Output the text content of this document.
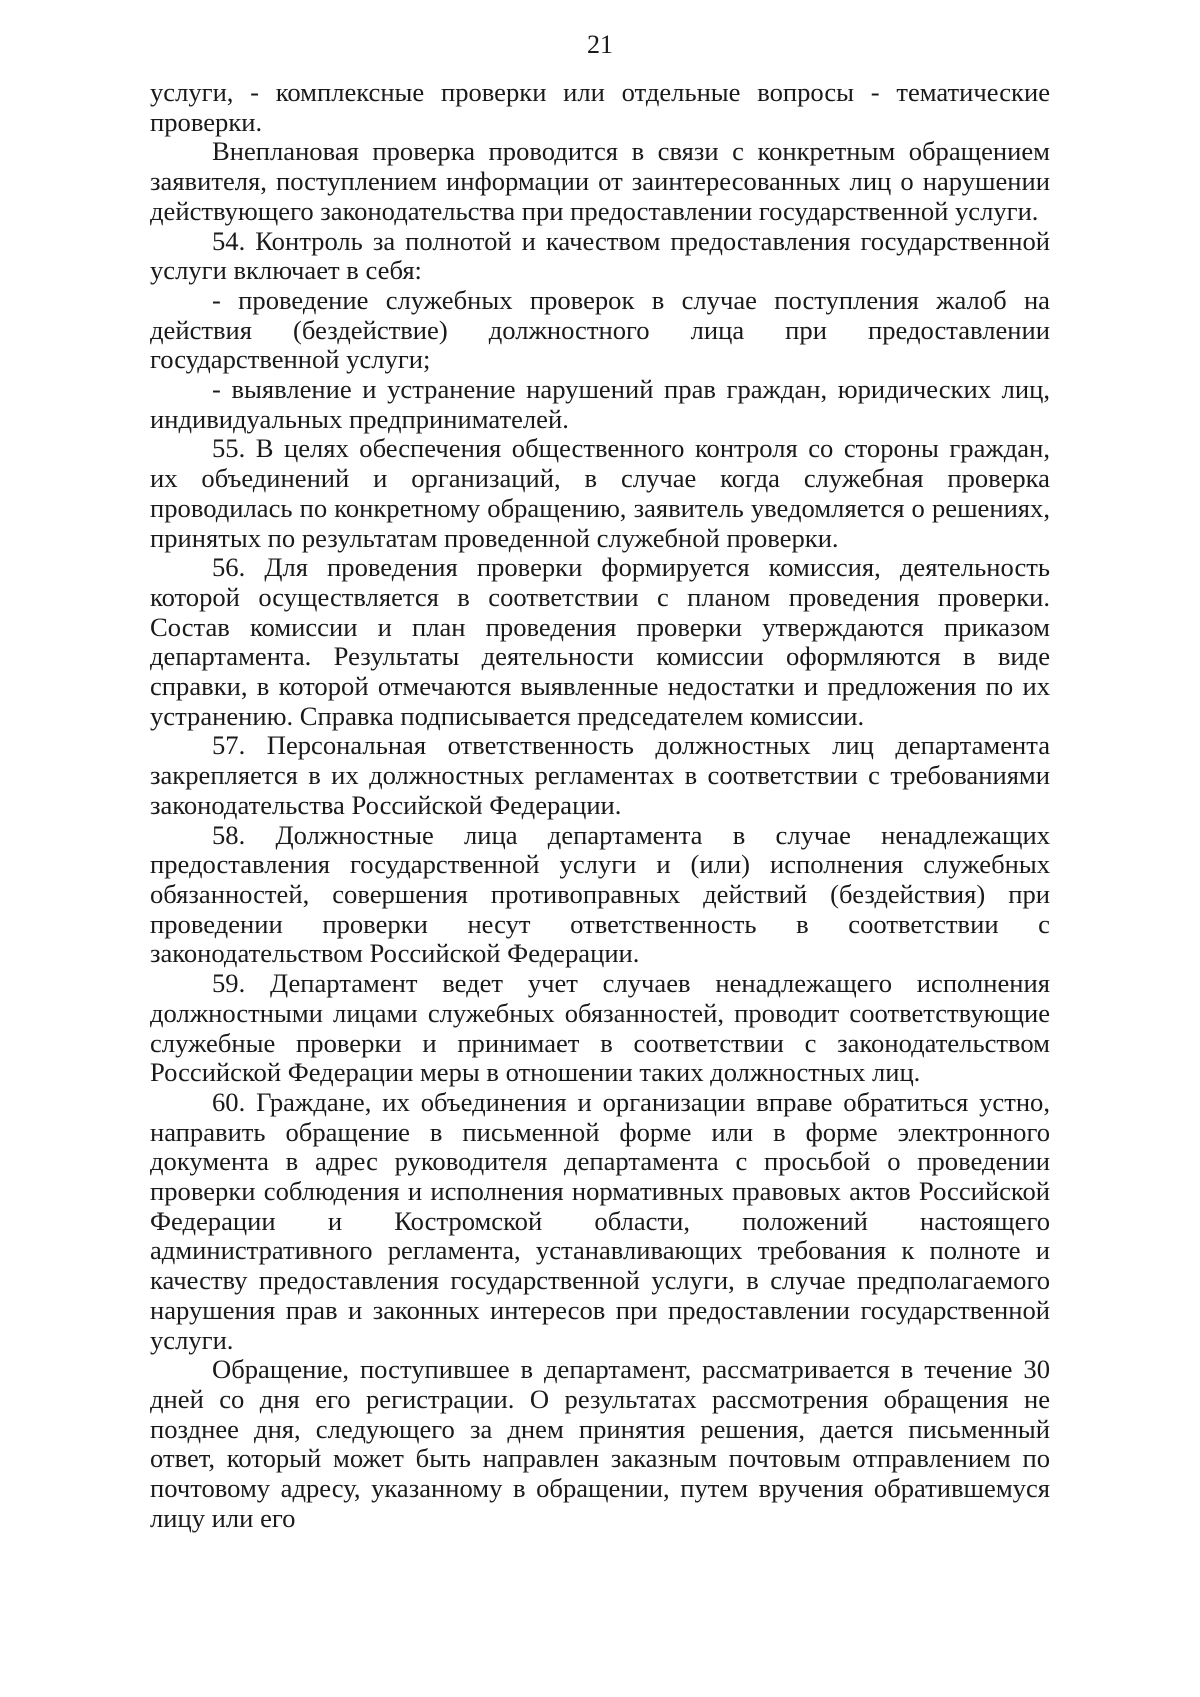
21

услуги, - комплексные проверки или отдельные вопросы - тематические проверки.

Внеплановая проверка проводится в связи с конкретным обращением заявителя, поступлением информации от заинтересованных лиц о нарушении действующего законодательства при предоставлении государственной услуги.

54. Контроль за полнотой и качеством предоставления государственной услуги включает в себя:

- проведение служебных проверок в случае поступления жалоб на действия (бездействие) должностного лица при предоставлении государственной услуги;

- выявление и устранение нарушений прав граждан, юридических лиц, индивидуальных предпринимателей.

55. В целях обеспечения общественного контроля со стороны граждан, их объединений и организаций, в случае когда служебная проверка проводилась по конкретному обращению, заявитель уведомляется о решениях, принятых по результатам проведенной служебной проверки.

56. Для проведения проверки формируется комиссия, деятельность которой осуществляется в соответствии с планом проведения проверки. Состав комиссии и план проведения проверки утверждаются приказом департамента. Результаты деятельности комиссии оформляются в виде справки, в которой отмечаются выявленные недостатки и предложения по их устранению. Справка подписывается председателем комиссии.

57. Персональная ответственность должностных лиц департамента закрепляется в их должностных регламентах в соответствии с требованиями законодательства Российской Федерации.

58. Должностные лица департамента в случае ненадлежащих предоставления государственной услуги и (или) исполнения служебных обязанностей, совершения противоправных действий (бездействия) при проведении проверки несут ответственность в соответствии с законодательством Российской Федерации.

59. Департамент ведет учет случаев ненадлежащего исполнения должностными лицами служебных обязанностей, проводит соответствующие служебные проверки и принимает в соответствии с законодательством Российской Федерации меры в отношении таких должностных лиц.

60. Граждане, их объединения и организации вправе обратиться устно, направить обращение в письменной форме или в форме электронного документа в адрес руководителя департамента с просьбой о проведении проверки соблюдения и исполнения нормативных правовых актов Российской Федерации и Костромской области, положений настоящего административного регламента, устанавливающих требования к полноте и качеству предоставления государственной услуги, в случае предполагаемого нарушения прав и законных интересов при предоставлении государственной услуги.

Обращение, поступившее в департамент, рассматривается в течение 30 дней со дня его регистрации. О результатах рассмотрения обращения не позднее дня, следующего за днем принятия решения, дается письменный ответ, который может быть направлен заказным почтовым отправлением по почтовому адресу, указанному в обращении, путем вручения обратившемуся лицу или его
